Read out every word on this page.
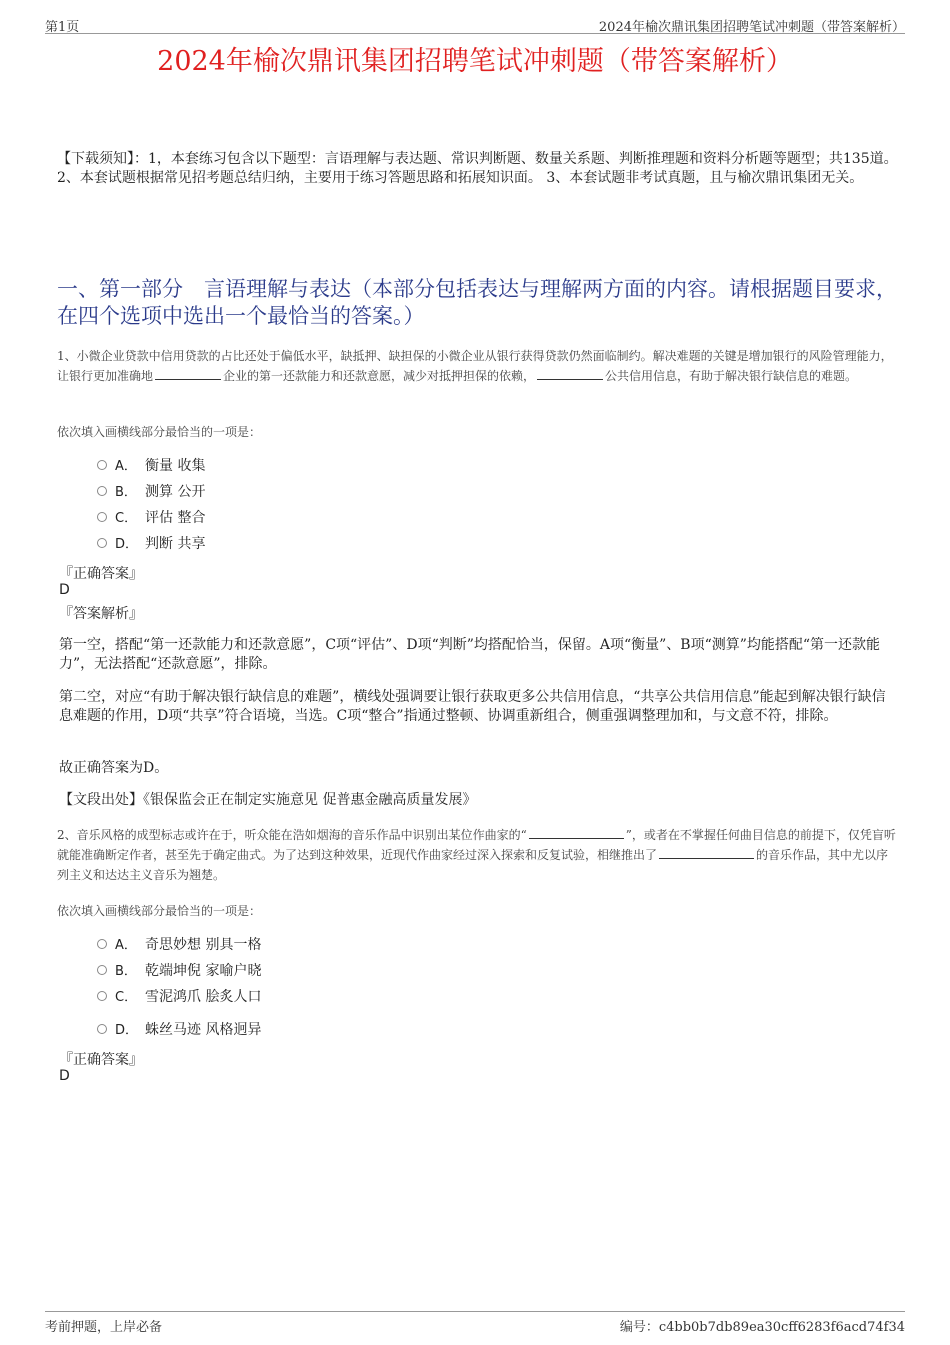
第1页	2024年榆次鼎讯集团招聘笔试冲刺题（带答案解析）
2024年榆次鼎讯集团招聘笔试冲刺题（带答案解析）
【下载须知】：1，本套练习包含以下题型：言语理解与表达题、常识判断题、数量关系题、判断推理题和资料分析题等题型；共135道。 2、本套试题根据常见招考题总结归纳，主要用于练习答题思路和拓展知识面。 3、本套试题非考试真题，且与榆次鼎讯集团无关。
一、第一部分　言语理解与表达（本部分包括表达与理解两方面的内容。请根据题目要求，在四个选项中选出一个最恰当的答案。）
1、小微企业贷款中信用贷款的占比还处于偏低水平，缺抵押、缺担保的小微企业从银行获得贷款仍然面临制约。解决难题的关键是增加银行的风险管理能力，让银行更加准确地	企业的第一还款能力和还款意愿，减少对抵押担保的依赖，	公共信用信息，有助于解决银行缺信息的难题。
依次填入画横线部分最恰当的一项是：
A． 衡量 收集
B． 测算 公开
C． 评估 整合
D． 判断 共享
『正确答案』
D
『答案解析』
第一空，搭配“第一还款能力和还款意愿”，C项“评估”、D项“判断”均搭配恰当，保留。A项“衡量”、B项“测算”均能搭配“第一还款能力”，无法搭配“还款意愿”，排除。
第二空，对应“有助于解决银行缺信息的难题”，横线处强调要让银行获取更多公共信用信息，“共享公共信用信息”能起到解决银行缺信息难题的作用，D项“共享”符合语境，当选。C项“整合”指通过整顿、协调重新组合，侧重强调整理加和，与文意不符，排除。
故正确答案为D。
【文段出处】《银保监会正在制定实施意见 促普惠金融高质量发展》
2、音乐风格的成型标志或许在于，听众能在浩如烟海的音乐作品中识别出某位作曲家的“	”，或者在不掌握任何曲目信息的前提下，仅凭盲听就能准确断定作者，甚至先于确定曲式。为了达到这种效果，近现代作曲家经过深入探索和反复试验，相继推出了	的音乐作品，其中尤以序列主义和达达主义音乐为翘楚。
依次填入画横线部分最恰当的一项是：
A． 奇思妙想 别具一格
B． 乾端坤倪 家喻户晓
C． 雪泥鸿爪 脍炙人口
D． 蛛丝马迹 风格迥异
『正确答案』
D
考前押题，上岸必备	编号：c4bb0b7db89ea30cff6283f6acd74f34
